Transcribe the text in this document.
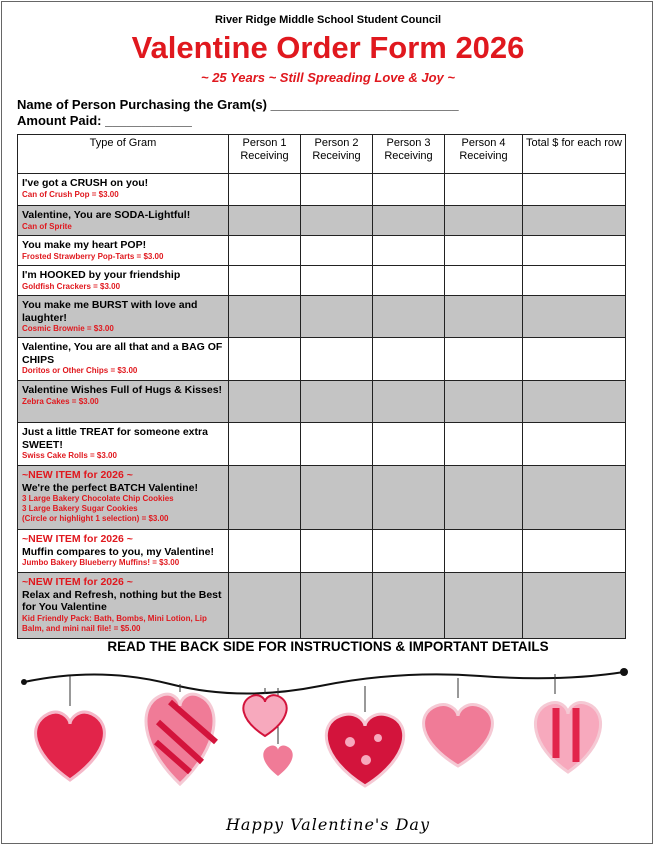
River Ridge Middle School Student Council
Valentine Order Form 2026
~ 25 Years ~ Still Spreading Love & Joy ~
Name of Person Purchasing the Gram(s) __________________________
Amount Paid: ____________
Type of Gram	Person 1 Receiving	Person 2 Receiving	Person 3 Receiving	Person 4 Receiving	Total $ for each row
I've got a CRUSH on you!
Can of Crush Pop = $3.00					

Valentine, You are SODA-Lightful!
Can of Sprite					

You make my heart POP!
Frosted Strawberry Pop-Tarts = $3.00					

I'm HOOKED by your friendship
Goldfish Crackers = $3.00					

You make me BURST with love and laughter!
Cosmic Brownie = $3.00					

Valentine, You are all that and a BAG OF CHIPS
Doritos or Other Chips = $3.00					

Valentine Wishes Full of Hugs & Kisses!
Zebra Cakes = $3.00					

Just a little TREAT for someone extra SWEET!
Swiss Cake Rolls = $3.00					

~NEW ITEM for 2026 ~
We're the perfect BATCH Valentine!
3 Large Bakery Chocolate Chip Cookies
3 Large Bakery Sugar Cookies
(Circle or highlight 1 selection) = $3.00					

~NEW ITEM for 2026 ~
Muffin compares to you, my Valentine!
Jumbo Bakery Blueberry Muffins! = $3.00					

~NEW ITEM for 2026 ~
Relax and Refresh, nothing but the Best for You Valentine
Kid Friendly Pack: Bath, Bombs, Mini Lotion, Lip Balm, and mini nail file! = $5.00					

READ THE BACK SIDE FOR INSTRUCTIONS & IMPORTANT DETAILS
Happy Valentine's Day
